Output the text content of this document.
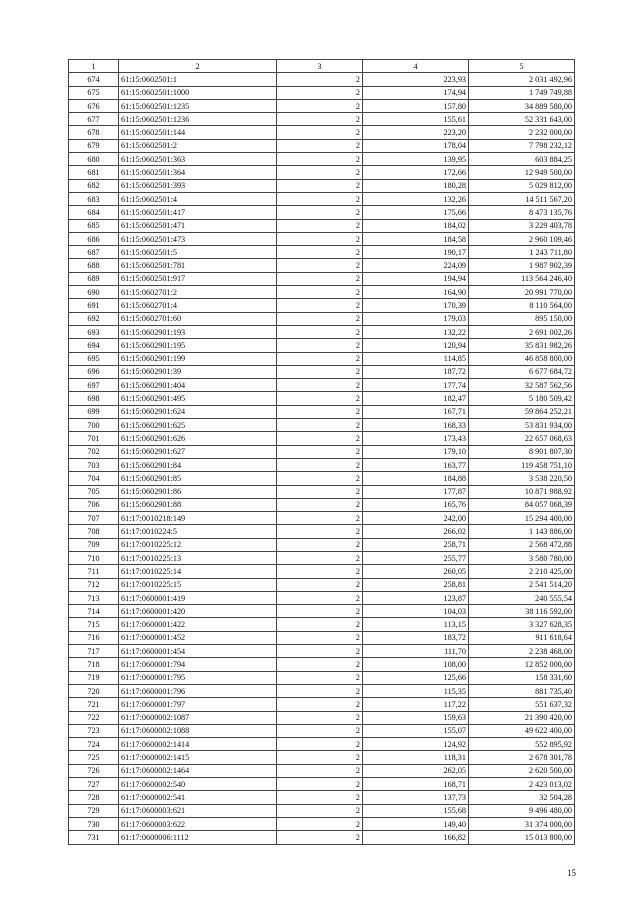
1	2	3	4	5
674	61:15:0602501:1	2	223,93	2 031 492,96
675	61:15:0602501:1000	2	174,94	1 749 749,88
676	61:15:0602501:1235	2	157,80	34 889 580,00
677	61:15:0602501:1236	2	155,61	52 331 643,00
678	61:15:0602501:144	2	223,20	2 232 000,00
679	61:15:0602501:2	2	178,04	7 798 232,12
680	61:15:0602501:363	2	139,95	603 884,25
681	61:15:0602501:364	2	172,66	12 949 500,00
682	61:15:0602501:393	2	180,28	5 029 812,00
683	61:15:0602501:4	2	132,26	14 511 567,20
684	61:15:0602501:417	2	175,66	8 473 135,76
685	61:15:0602501:471	2	184,02	3 229 403,78
686	61:15:0602501:473	2	184,58	2 960 109,46
687	61:15:0602501:5	2	190,17	1 243 711,80
688	61:15:0602501:781	2	224,09	1 987 902,39
689	61:15:0602501:917	2	194,94	113 564 246,40
690	61:15:0602701:2	2	164,90	20 991 770,00
691	61:15:0602701:4	2	170,39	8 110 564,00
692	61:15:0602701:60	2	179,03	895 150,00
693	61:15:0602901:193	2	132,22	2 691 002,26
694	61:15:0602901:195	2	120,94	35 831 982,26
695	61:15:0602901:199	2	114,85	46 858 800,00
696	61:15:0602901:39	2	187,72	6 677 684,72
697	61:15:0602901:404	2	177,74	32 587 562,56
698	61:15:0602901:495	2	182,47	5 180 509,42
699	61:15:0602901:624	2	167,71	59 864 252,21
700	61:15:0602901:625	2	168,33	53 831 934,00
701	61:15:0602901:626	2	173,43	22 657 068,63
702	61:15:0602901:627	2	179,10	8 901 807,30
703	61:15:0602901:84	2	163,77	119 458 751,10
704	61:15:0602901:85	2	184,88	3 538 220,50
705	61:15:0602901:86	2	177,87	10 871 988,92
706	61:15:0602901:88	2	165,76	84 057 068,39
707	61:17:0010218:149	2	242,00	15 294 400,00
708	61:17:0010224:5	2	266,02	1 143 886,00
709	61:17:0010225:12	2	258,71	2 568 472,88
710	61:17:0010225:13	2	255,77	3 580 780,00
711	61:17:0010225:14	2	260,05	2 210 425,00
712	61:17:0010225:15	2	258,81	2 541 514,20
713	61:17:0600001:419	2	123,87	240 555,54
714	61:17:0600001:420	2	104,03	38 116 592,00
715	61:17:0600001:422	2	113,15	3 327 628,35
716	61:17:0600001:452	2	183,72	911 618,64
717	61:17:0600001:454	2	111,70	2 238 468,00
718	61:17:0600001:794	2	108,00	12 852 000,00
719	61:17:0600001:795	2	125,66	158 331,60
720	61:17:0600001:796	2	115,35	881 735,40
721	61:17:0600001:797	2	117,22	551 637,32
722	61:17:0600002:1087	2	159,63	21 390 420,00
723	61:17:0600002:1088	2	155,07	49 622 400,00
724	61:17:0600002:1414	2	124,92	552 895,92
725	61:17:0600002:1415	2	118,31	2 678 301,78
726	61:17:0600002:1464	2	262,05	2 620 500,00
727	61:17:0600002:540	2	168,71	2 423 013,02
728	61:17:0600002:541	2	137,73	32 504,28
729	61:17:0600003:621	2	155,68	9 496 480,00
730	61:17:0600003:622	2	149,40	31 374 000,00
731	61:17:0600006:1112	2	166,82	15 013 800,00
15
